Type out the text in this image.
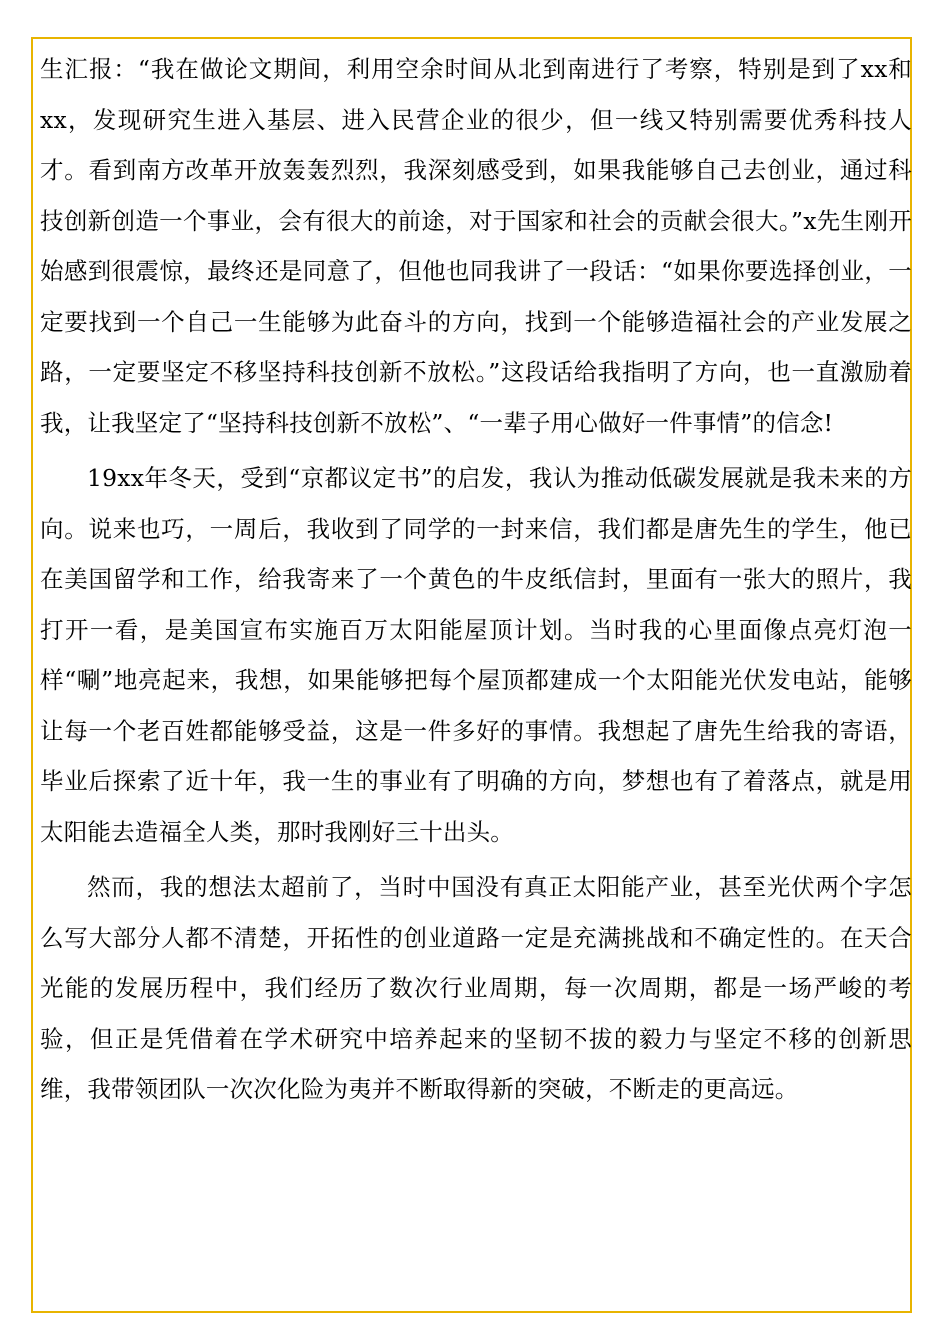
生汇报：“我在做论文期间，利用空余时间从北到南进行了考察，特别是到了xx和xx，发现研究生进入基层、进入民营企业的很少，但一线又特别需要优秀科技人才。看到南方改革开放轰轰烈烈，我深刻感受到，如果我能够自己去创业，通过科技创新创造一个事业，会有很大的前途，对于国家和社会的贡献会很大。”x先生刚开始感到很震惊，最终还是同意了，但他也同我讲了一段话：“如果你要选择创业，一定要找到一个自己一生能够为此奋斗的方向，找到一个能够造福社会的产业发展之路，一定要坚定不移坚持科技创新不放松。”这段话给我指明了方向，也一直激励着我，让我坚定了“坚持科技创新不放松”、“一辈子用心做好一件事情”的信念!

19xx年冬天，受到“京都议定书”的启发，我认为推动低碳发展就是我未来的方向。说来也巧，一周后，我收到了同学的一封来信，我们都是唐先生的学生，他已在美国留学和工作，给我寄来了一个黄色的牛皮纸信封，里面有一张大的照片，我打开一看，是美国宣布实施百万太阳能屋顶计划。当时我的心里面像点亮灯泡一样“唰”地亮起来，我想，如果能够把每个屋顶都建成一个太阳能光伏发电站，能够让每一个老百姓都能够受益，这是一件多好的事情。我想起了唐先生给我的寄语，毕业后探索了近十年，我一生的事业有了明确的方向，梦想也有了着落点，就是用太阳能去造福全人类，那时我刚好三十出头。

然而，我的想法太超前了，当时中国没有真正太阳能产业，甚至光伏两个字怎么写大部分人都不清楚，开拓性的创业道路一定是充满挑战和不确定性的。在天合光能的发展历程中，我们经历了数次行业周期，每一次周期，都是一场严峻的考验，但正是凭借着在学术研究中培养起来的坚韧不拔的毅力与坚定不移的创新思维，我带领团队一次次化险为夷并不断取得新的突破，不断走的更高远。
